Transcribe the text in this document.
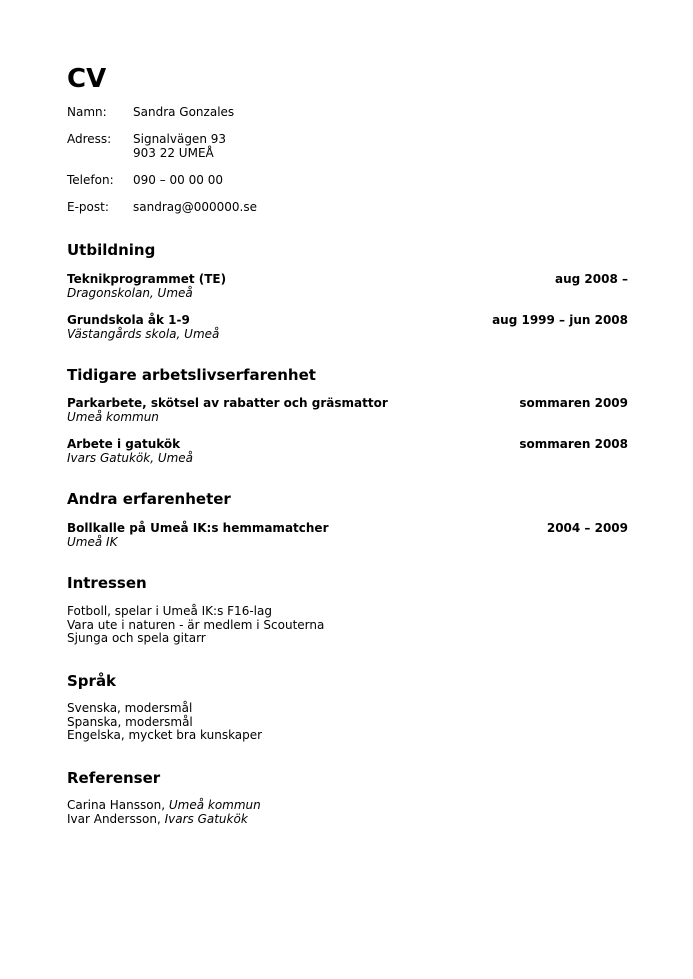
CV
Namn:	Sandra Gonzales
Adress:	Signalvägen 93
903 22 UMEÅ
Telefon:	090 – 00 00 00
E-post:	sandrag@000000.se
Utbildning
Teknikprogrammet (TE)	aug 2008 –
Dragonskolan, Umeå
Grundskola åk 1-9	aug 1999 – jun 2008
Västangårds skola, Umeå
Tidigare arbetslivserfarenhet
Parkarbete, skötsel av rabatter och gräsmattor	sommaren 2009
Umeå kommun
Arbete i gatukök	sommaren 2008
Ivars Gatukök, Umeå
Andra erfarenheter
Bollkalle på Umeå IK:s hemmamatcher	2004 – 2009
Umeå IK
Intressen
Fotboll, spelar i Umeå IK:s F16-lag
Vara ute i naturen - är medlem i Scouterna
Sjunga och spela gitarr
Språk
Svenska, modersmål
Spanska, modersmål
Engelska, mycket bra kunskaper
Referenser
Carina Hansson, Umeå kommun
Ivar Andersson, Ivars Gatukök
